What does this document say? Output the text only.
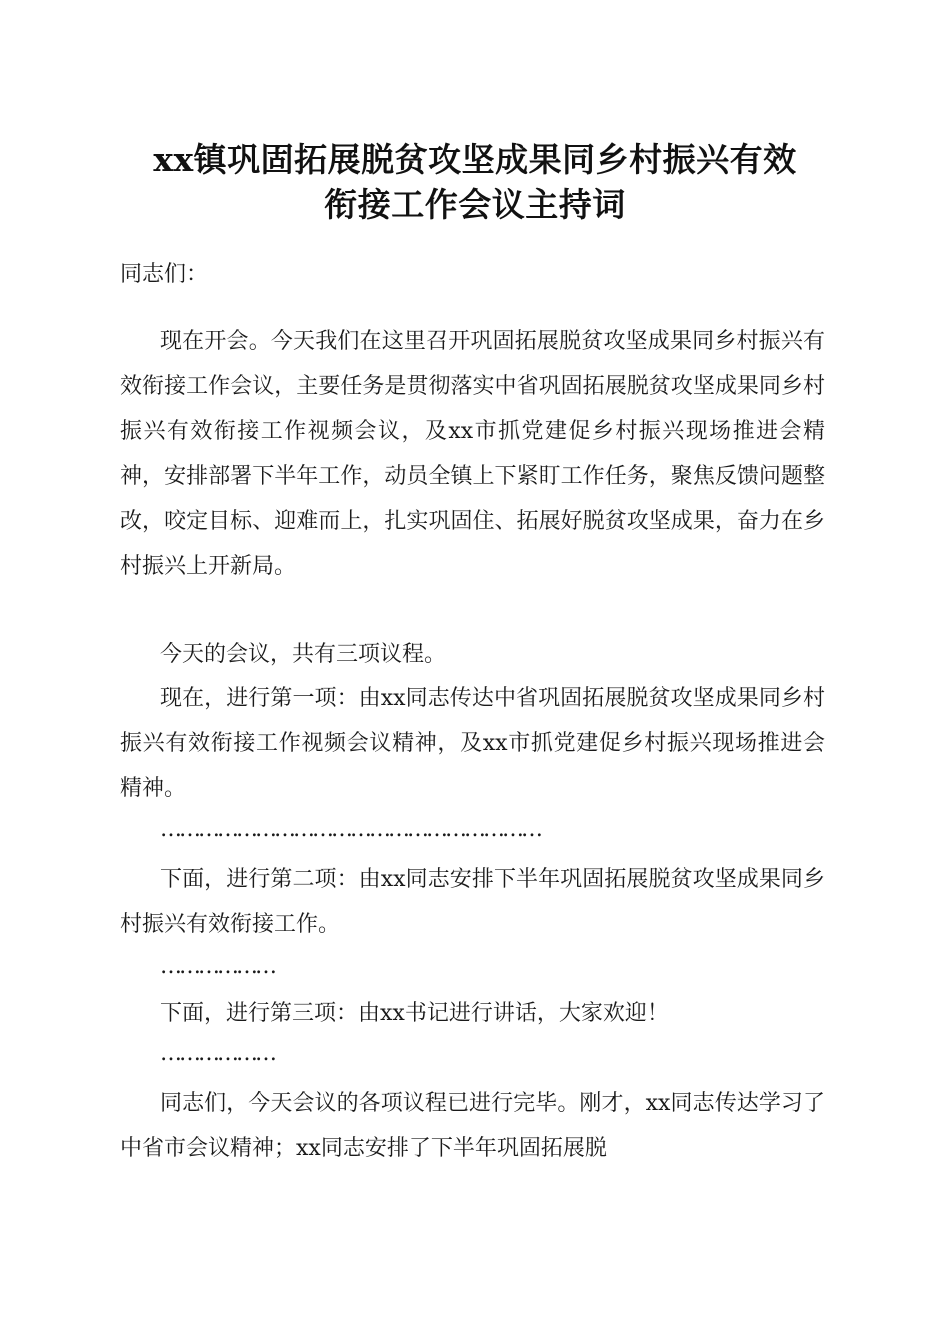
xx镇巩固拓展脱贫攻坚成果同乡村振兴有效
衔接工作会议主持词

同志们：

现在开会。今天我们在这里召开巩固拓展脱贫攻坚成果同乡村振兴有效衔接工作会议，主要任务是贯彻落实中省巩固拓展脱贫攻坚成果同乡村振兴有效衔接工作视频会议，及xx市抓党建促乡村振兴现场推进会精神，安排部署下半年工作，动员全镇上下紧盯工作任务，聚焦反馈问题整改，咬定目标、迎难而上，扎实巩固住、拓展好脱贫攻坚成果，奋力在乡村振兴上开新局。

今天的会议，共有三项议程。

现在，进行第一项：由xx同志传达中省巩固拓展脱贫攻坚成果同乡村振兴有效衔接工作视频会议精神，及xx市抓党建促乡村振兴现场推进会精神。

……………………………………………………

下面，进行第二项：由xx同志安排下半年巩固拓展脱贫攻坚成果同乡村振兴有效衔接工作。

………………

下面，进行第三项：由xx书记进行讲话，大家欢迎！

………………

同志们，今天会议的各项议程已进行完毕。刚才，xx同志传达学习了中省市会议精神；xx同志安排了下半年巩固拓展脱
